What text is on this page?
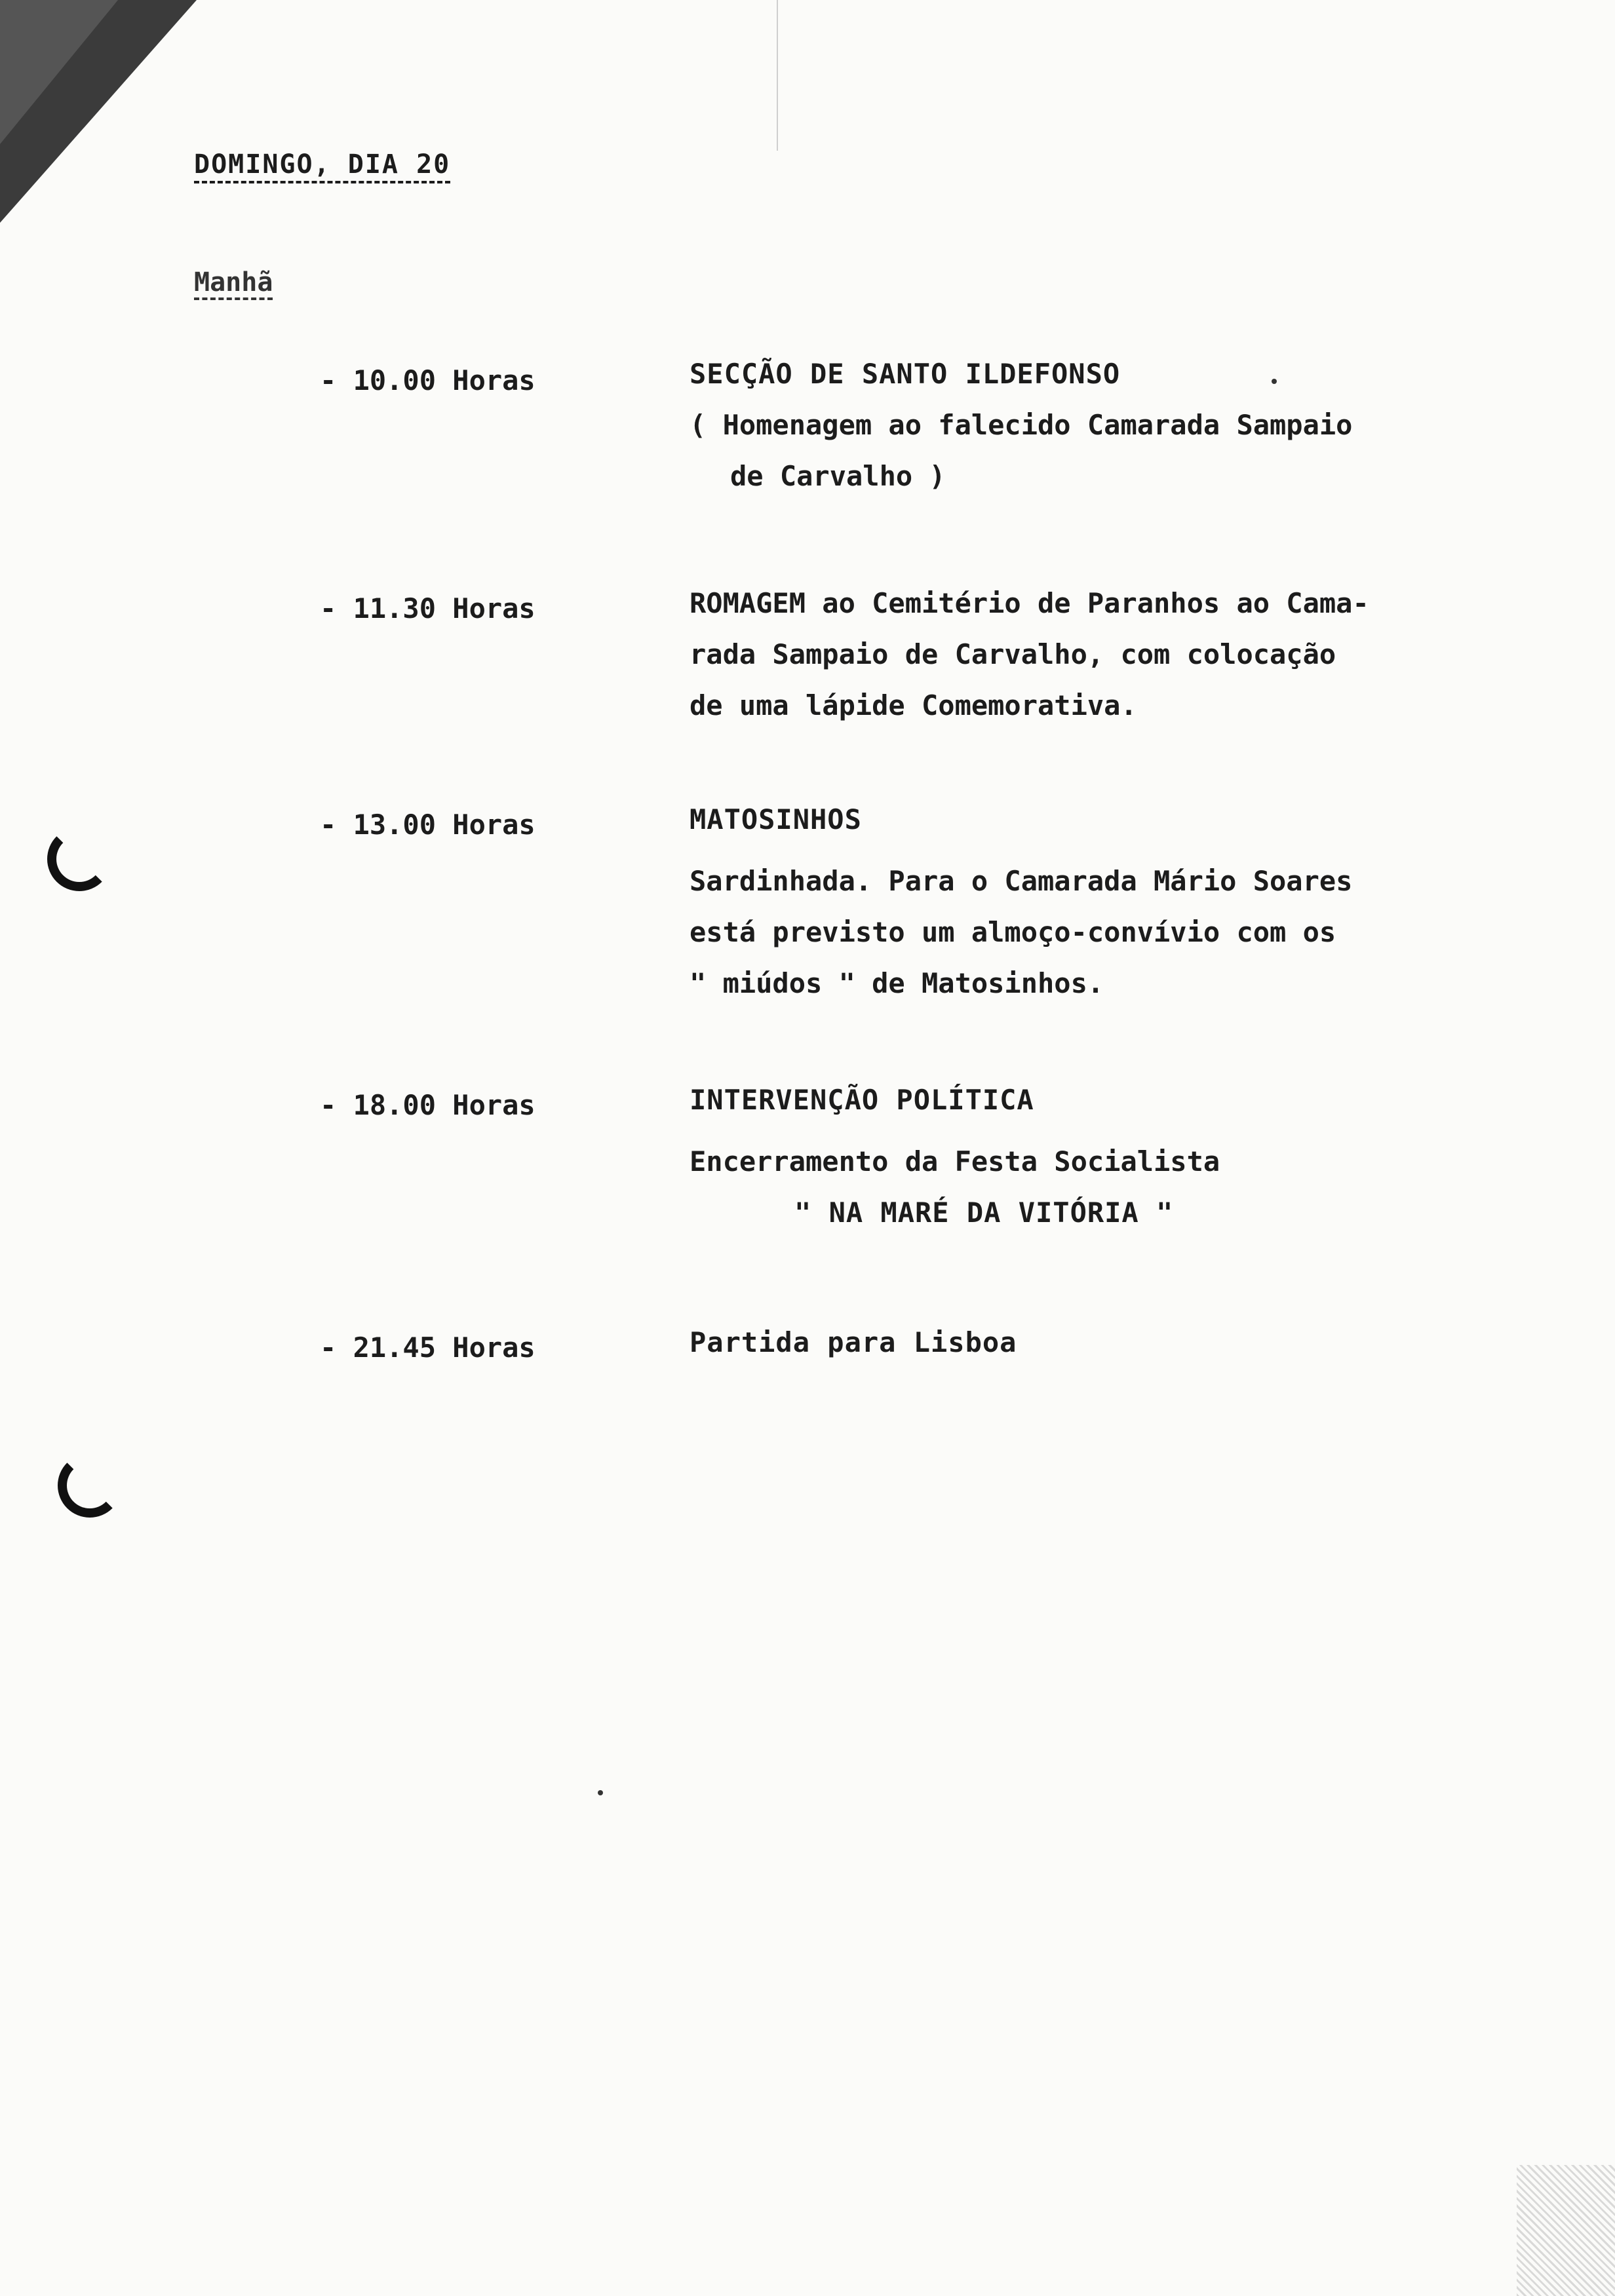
DOMINGO, DIA 20
Manhã
- 10.00 Horas	SECÇÃO DE SANTO ILDEFONSO
( Homenagem ao falecido Camarada Sampaio
de Carvalho )
- 11.30 Horas	ROMAGEM ao Cemitério de Paranhos ao Cama-
rada Sampaio de Carvalho, com colocação
de uma lápide Comemorativa.
- 13.00 Horas	MATOSINHOS
Sardinhada. Para o Camarada Mário Soares
está previsto um almoço-convívio com os
" miúdos " de Matosinhos.
- 18.00 Horas	INTERVENÇÃO POLÍTICA
Encerramento da Festa Socialista
" NA MARÉ DA VITÓRIA "
- 21.45 Horas	Partida para Lisboa
